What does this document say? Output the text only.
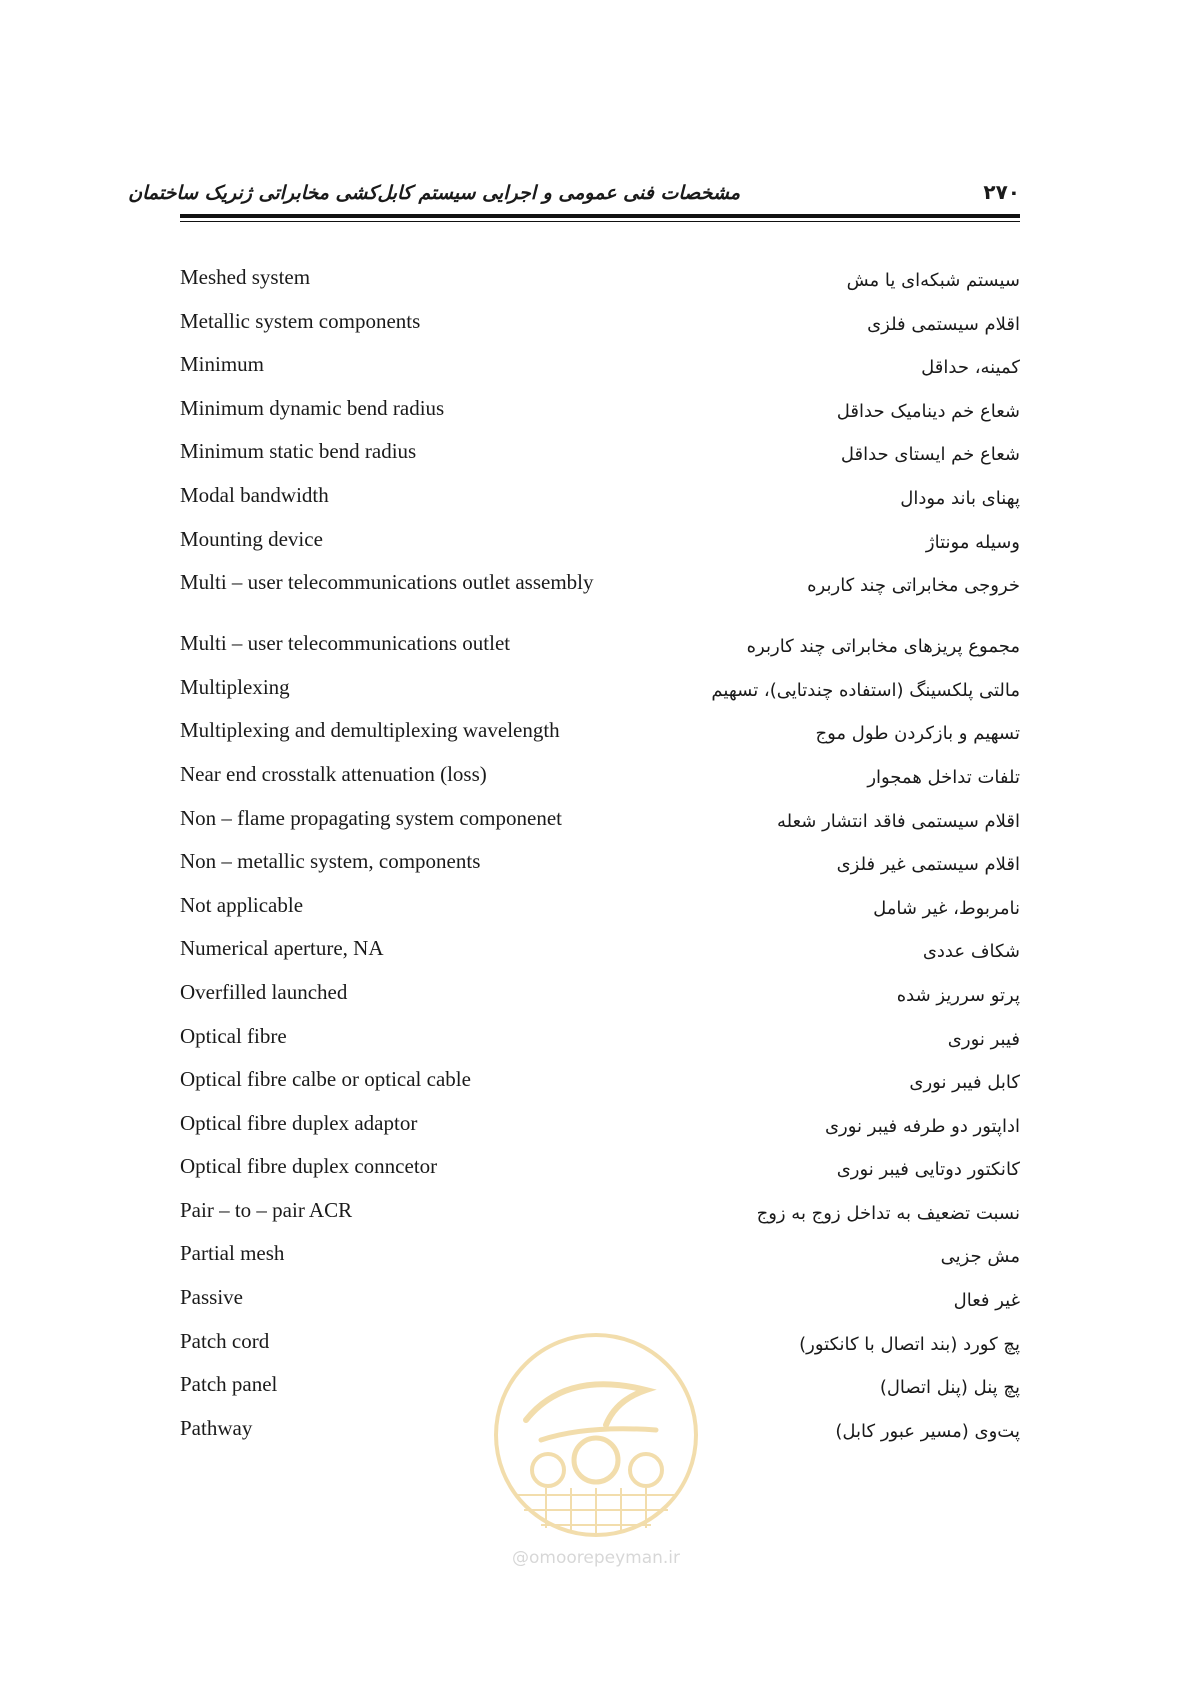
مشخصات فنی عمومی و اجرایی سیستم کابل‌کشی مخابراتی ژنریک ساختمان	۲۷۰
Meshed system	سیستم شبکه‌ای یا مش
Metallic system components	اقلام سیستمی فلزی
Minimum	کمینه، حداقل
Minimum dynamic bend radius	شعاع خم دینامیک حداقل
Minimum static bend radius	شعاع خم ایستای حداقل
Modal bandwidth	پهنای باند مودال
Mounting device	وسیله مونتاژ
Multi – user telecommunications outlet assembly	خروجی مخابراتی چند کاربره
Multi – user telecommunications outlet	مجموع پریزهای مخابراتی چند کاربره
Multiplexing	مالتی پلکسینگ (استفاده چندتایی)، تسهیم
Multiplexing and demultiplexing wavelength	تسهیم و بازکردن طول موج
Near end crosstalk attenuation (loss)	تلفات تداخل همجوار
Non – flame propagating system componenet	اقلام سیستمی فاقد انتشار شعله
Non – metallic system, components	اقلام سیستمی غیر فلزی
Not applicable	نامربوط، غیر شامل
Numerical aperture, NA	شکاف عددی
Overfilled launched	پرتو سرریز شده
Optical fibre	فیبر نوری
Optical fibre calbe or optical cable	کابل فیبر نوری
Optical fibre duplex adaptor	اداپتور دو طرفه فیبر نوری
Optical fibre duplex conncetor	کانکتور دوتایی فیبر نوری
Pair – to – pair ACR	نسبت تضعیف به تداخل زوج به زوج
Partial mesh	مش جزیی
Passive	غیر فعال
Patch cord	پچ کورد (بند اتصال با کانکتور)
Patch panel	پچ پنل (پنل اتصال)
Pathway	پت‌وی (مسیر عبور کابل)
@omoorepeyman.ir
